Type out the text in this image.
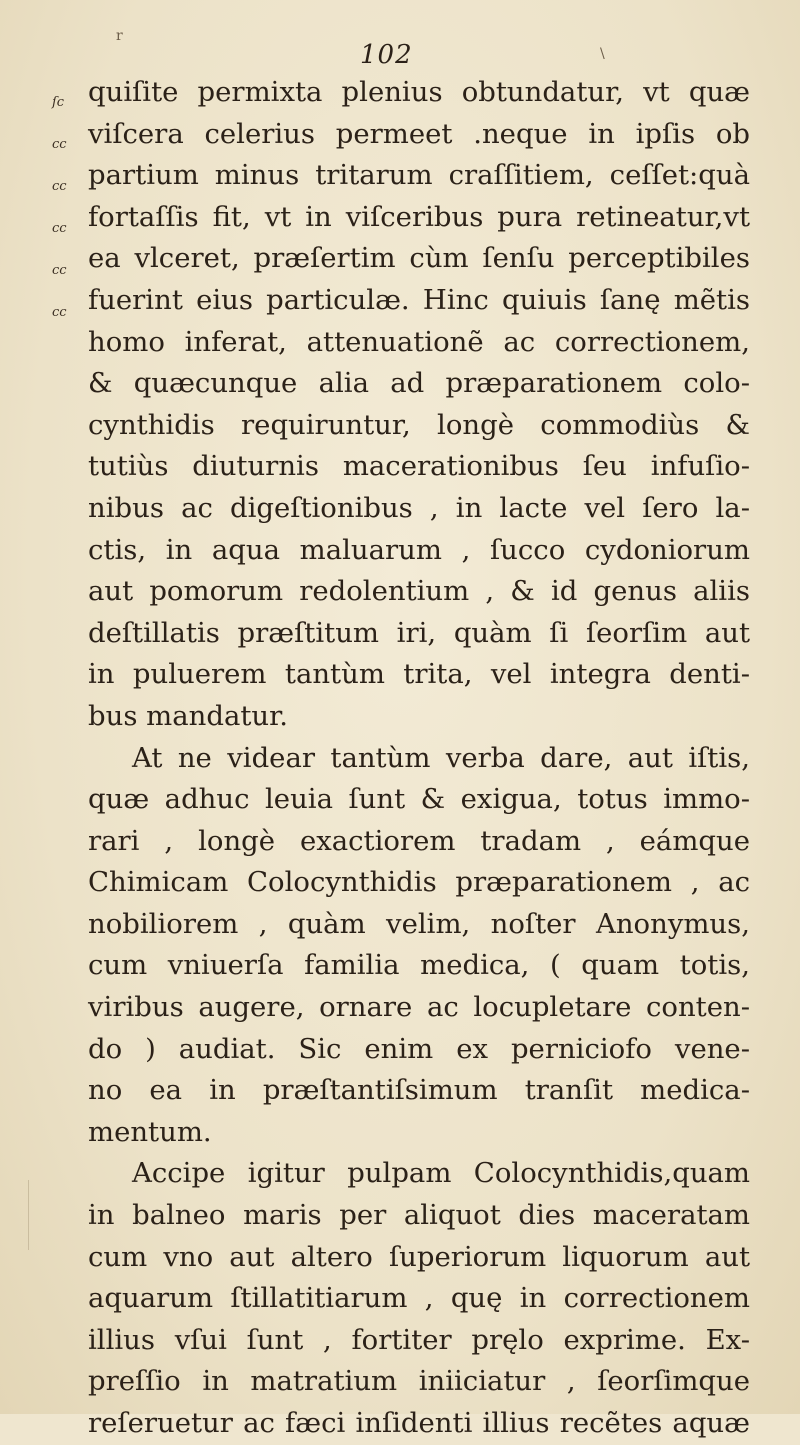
r
102	\
ſc
cc
cc
cc
cc
cc
quiſite permixta plenius obtundatur, vt quæ
viſcera celerius permeet .neque in ipſis ob
partium minus tritarum craſſitiem, ceſſet:quà
fortaſſis fit, vt in viſceribus pura retineatur,vt
ea vlceret, præſertim cùm ſenſu perceptibiles
fuerint eius particulæ. Hinc quiuis ſanę mẽtis
homo inferat, attenuationẽ ac correctionem,
& quæcunque alia ad præparationem colo-
cynthidis requiruntur, longè commodiùs &
tutiùs diuturnis macerationibus ſeu infuſio-
nibus ac digeſtionibus , in lacte vel ſero la-
ctis, in aqua maluarum , ſucco cydoniorum
aut pomorum redolentium , & id genus aliis
deſtillatis præſtitum iri, quàm ſi ſeorſim aut
in puluerem tantùm trita, vel integra denti-
bus mandatur.
At ne videar tantùm verba dare, aut iſtis,
quæ adhuc leuia ſunt & exigua, totus immo-
rari , longè exactiorem tradam , eámque
Chimicam Colocynthidis præparationem , ac
nobiliorem , quàm velim, noſter Anonymus,
cum vniuerſa familia medica, ( quam totis,
viribus augere, ornare ac locupletare conten-
do ) audiat. Sic enim ex perniciofo vene-
no ea in præſtantiſsimum tranſit medica-
mentum.
Accipe igitur pulpam Colocynthidis,quam
in balneo maris per aliquot dies maceratam
cum vno aut altero ſuperiorum liquorum aut
aquarum ſtillatitiarum , quę in correctionem
illius vſui ſunt , fortiter pręlo exprime. Ex-
preſſio in matratium iniiciatur , ſeorſimque
reſeruetur ac fæci inſidenti illius recẽtes aquæ
